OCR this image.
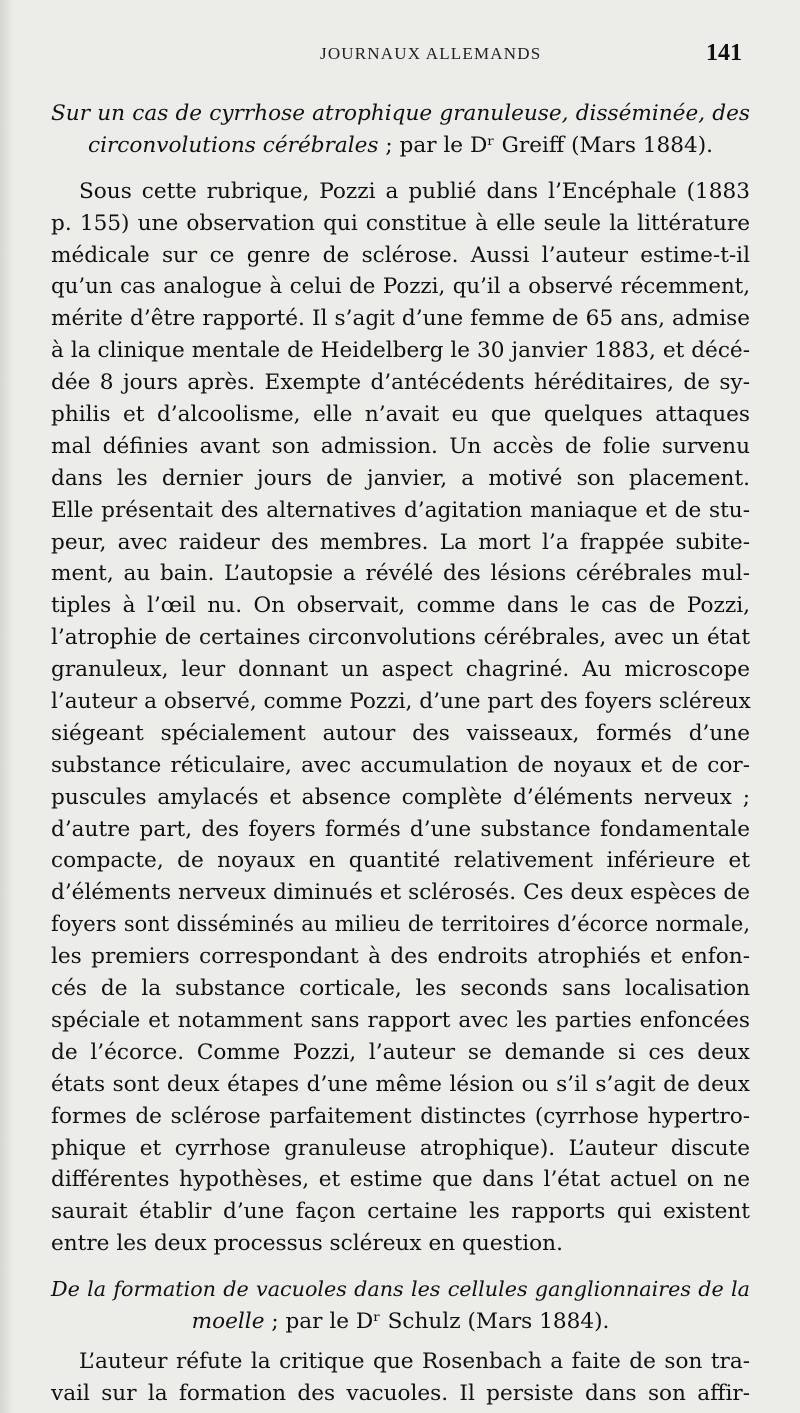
JOURNAUX ALLEMANDS	141
Sur un cas de cyrrhose atrophique granuleuse, disséminée, des
circonvolutions cérébrales ; par le Dʳ Greiff (Mars 1884).
Sous cette rubrique, Pozzi a publié dans l’Encéphale (1883
p. 155) une observation qui constitue à elle seule la littérature
médicale sur ce genre de sclérose. Aussi l’auteur estime-t-il
qu’un cas analogue à celui de Pozzi, qu’il a observé récemment,
mérite d’être rapporté. Il s’agit d’une femme de 65 ans, admise
à la clinique mentale de Heidelberg le 30 janvier 1883, et décé-
dée 8 jours après. Exempte d’antécédents héréditaires, de sy-
philis et d’alcoolisme, elle n’avait eu que quelques attaques
mal définies avant son admission. Un accès de folie survenu
dans les dernier jours de janvier, a motivé son placement.
Elle présentait des alternatives d’agitation maniaque et de stu-
peur, avec raideur des membres. La mort l’a frappée subite-
ment, au bain. L’autopsie a révélé des lésions cérébrales mul-
tiples à l’œil nu. On observait, comme dans le cas de Pozzi,
l’atrophie de certaines circonvolutions cérébrales, avec un état
granuleux, leur donnant un aspect chagriné. Au microscope
l’auteur a observé, comme Pozzi, d’une part des foyers scléreux
siégeant spécialement autour des vaisseaux, formés d’une
substance réticulaire, avec accumulation de noyaux et de cor-
puscules amylacés et absence complète d’éléments nerveux ;
d’autre part, des foyers formés d’une substance fondamentale
compacte, de noyaux en quantité relativement inférieure et
d’éléments nerveux diminués et sclérosés. Ces deux espèces de
foyers sont disséminés au milieu de territoires d’écorce normale,
les premiers correspondant à des endroits atrophiés et enfon-
cés de la substance corticale, les seconds sans localisation
spéciale et notamment sans rapport avec les parties enfoncées
de l’écorce. Comme Pozzi, l’auteur se demande si ces deux
états sont deux étapes d’une même lésion ou s’il s’agit de deux
formes de sclérose parfaitement distinctes (cyrrhose hypertro-
phique et cyrrhose granuleuse atrophique). L’auteur discute
différentes hypothèses, et estime que dans l’état actuel on ne
saurait établir d’une façon certaine les rapports qui existent
entre les deux processus scléreux en question.
De la formation de vacuoles dans les cellules ganglionnaires de la
moelle ; par le Dʳ Schulz (Mars 1884).
L’auteur réfute la critique que Rosenbach a faite de son tra-
vail sur la formation des vacuoles. Il persiste dans son affir-
